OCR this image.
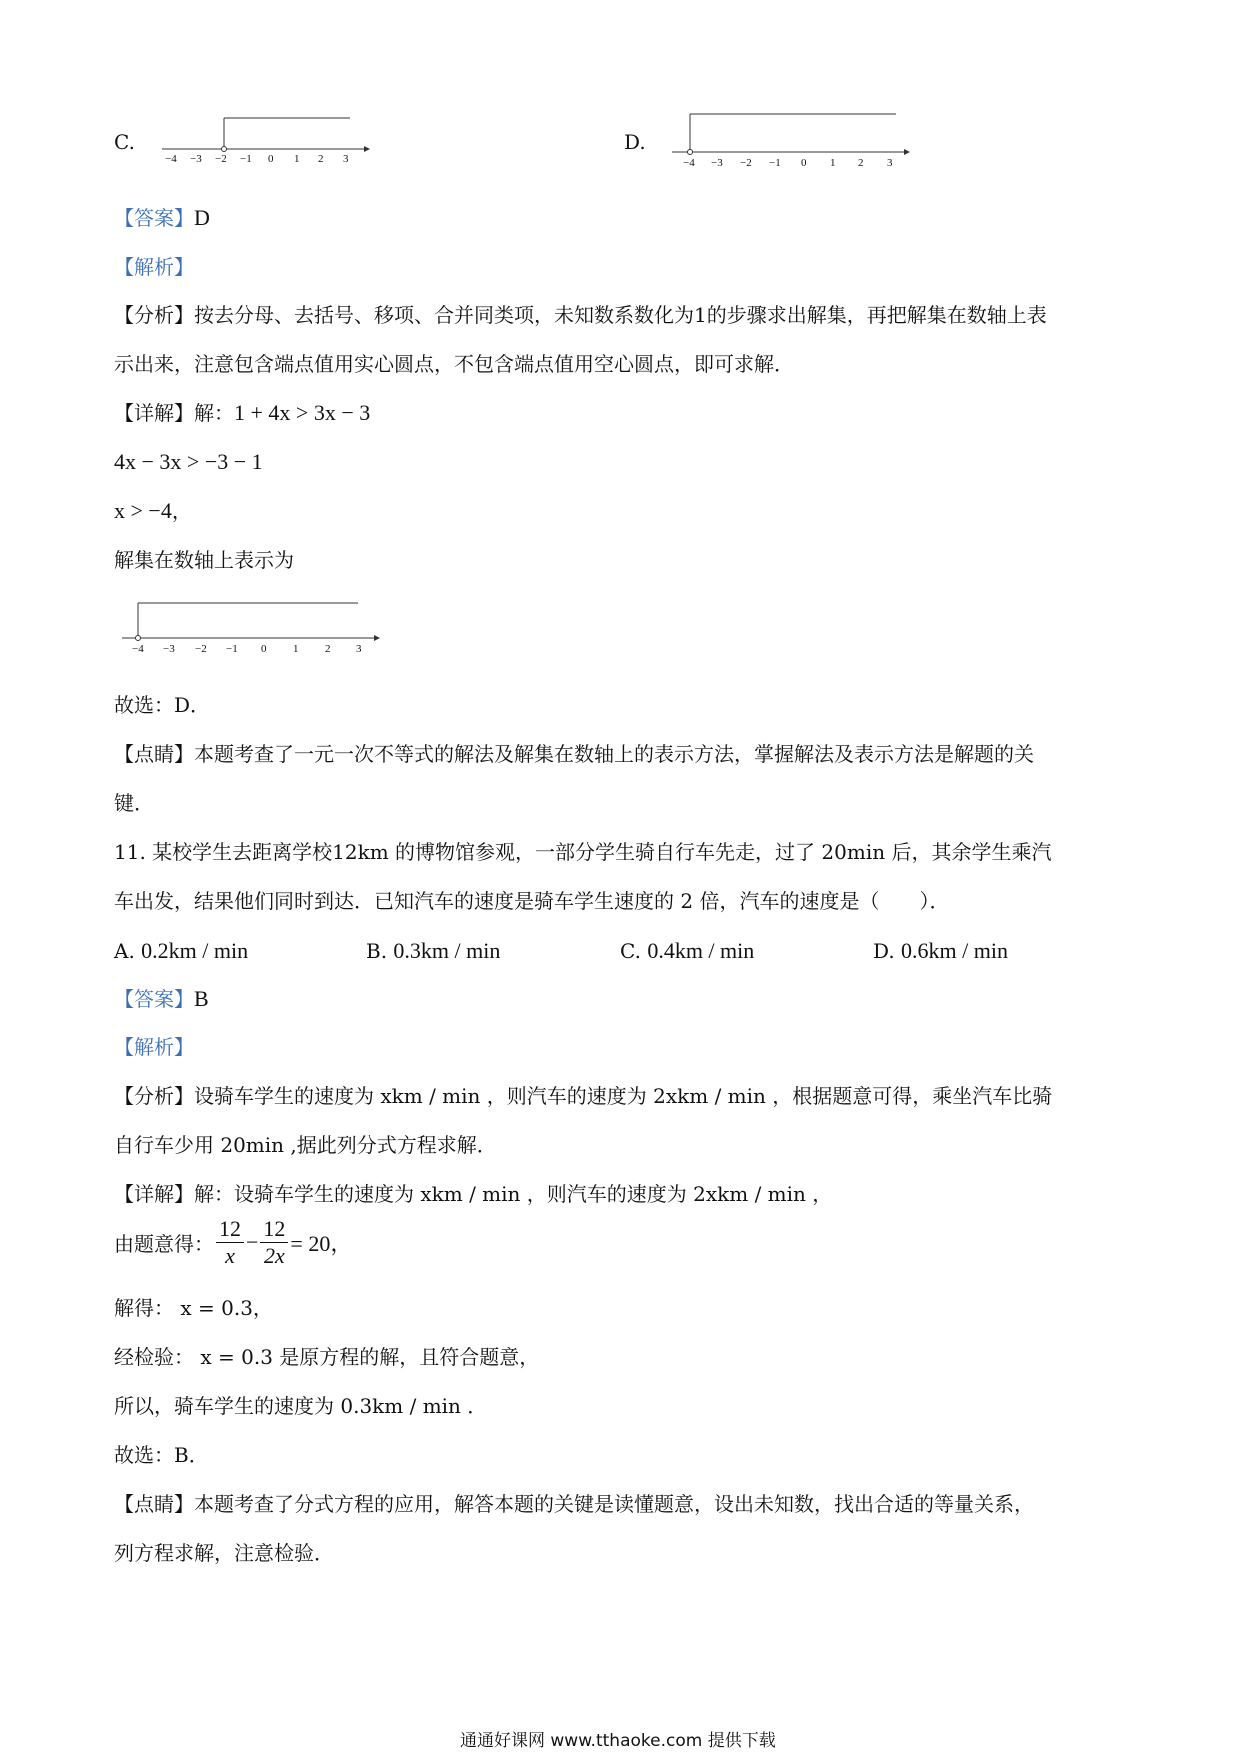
C.
−4 −3 −2 −1 0 1 2 3
D.
−4 −3 −2 −1 0 1 2 3
【答案】D
【解析】
【分析】按去分母、去括号、移项、合并同类项，未知数系数化为1的步骤求出解集，再把解集在数轴上表
示出来，注意包含端点值用实心圆点，不包含端点值用空心圆点，即可求解．
【详解】解：1 + 4x > 3x − 3
4x − 3x > −3 − 1
x > −4，
解集在数轴上表示为
−4 −3 −2 −1 0 1 2 3
故选：D．
【点睛】本题考查了一元一次不等式的解法及解集在数轴上的表示方法，掌握解法及表示方法是解题的关
键．
11. 某校学生去距离学校12km 的博物馆参观，一部分学生骑自行车先走，过了 20min 后，其余学生乘汽
车出发，结果他们同时到达．已知汽车的速度是骑车学生速度的 2 倍，汽车的速度是（　　）．
A. 0.2km / min	B. 0.3km / min	C. 0.4km / min	D. 0.6km / min
【答案】B
【解析】
【分析】设骑车学生的速度为 xkm / min ，则汽车的速度为 2xkm / min ，根据题意可得，乘坐汽车比骑
自行车少用 20min ,据此列分式方程求解．
【详解】解：设骑车学生的速度为 xkm / min ，则汽车的速度为 2xkm / min ，
由题意得： $\frac{12}{x} - \frac{12}{2x} = 20$，
解得： x = 0.3，
经检验： x = 0.3 是原方程的解，且符合题意，
所以，骑车学生的速度为 0.3km / min ．
故选：B．
【点睛】本题考查了分式方程的应用，解答本题的关键是读懂题意，设出未知数，找出合适的等量关系，
列方程求解，注意检验．
通通好课网 www.tthaoke.com 提供下载
